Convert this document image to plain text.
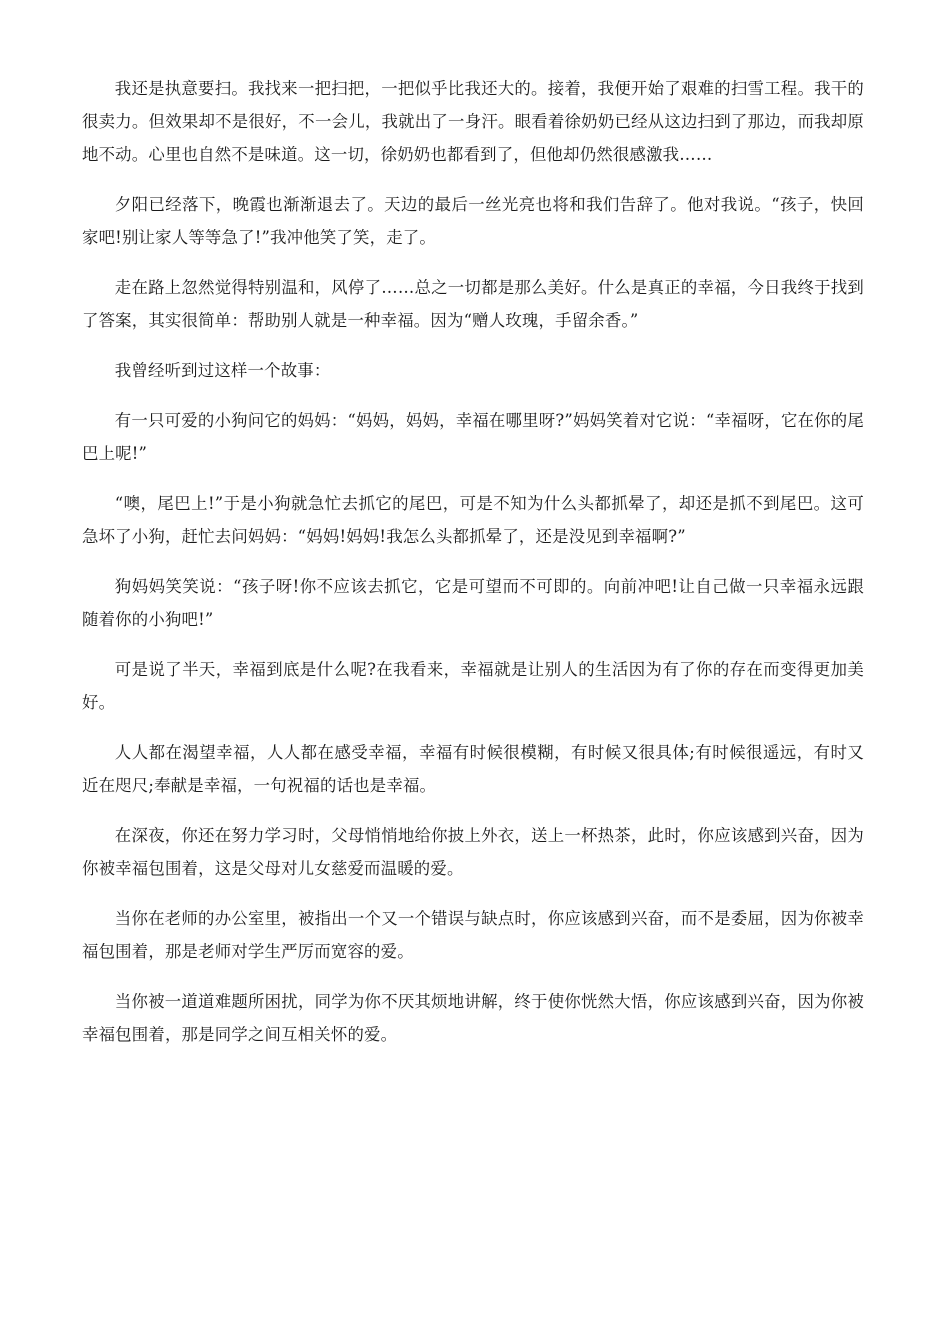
我还是执意要扫。我找来一把扫把，一把似乎比我还大的。接着，我便开始了艰难的扫雪工程。我干的很卖力。但效果却不是很好，不一会儿，我就出了一身汗。眼看着徐奶奶已经从这边扫到了那边，而我却原地不动。心里也自然不是味道。这一切，徐奶奶也都看到了，但他却仍然很感激我……

夕阳已经落下，晚霞也渐渐退去了。天边的最后一丝光亮也将和我们告辞了。他对我说。“孩子，快回家吧!别让家人等等急了!”我冲他笑了笑，走了。

走在路上忽然觉得特别温和，风停了……总之一切都是那么美好。什么是真正的幸福，今日我终于找到了答案，其实很简单：帮助别人就是一种幸福。因为“赠人玫瑰，手留余香。”

我曾经听到过这样一个故事：

有一只可爱的小狗问它的妈妈：“妈妈，妈妈，幸福在哪里呀?”妈妈笑着对它说：“幸福呀，它在你的尾巴上呢!”

“噢，尾巴上!”于是小狗就急忙去抓它的尾巴，可是不知为什么头都抓晕了，却还是抓不到尾巴。这可急坏了小狗，赶忙去问妈妈：“妈妈!妈妈!我怎么头都抓晕了，还是没见到幸福啊?”

狗妈妈笑笑说：“孩子呀!你不应该去抓它，它是可望而不可即的。向前冲吧!让自己做一只幸福永远跟随着你的小狗吧!”

可是说了半天，幸福到底是什么呢?在我看来，幸福就是让别人的生活因为有了你的存在而变得更加美好。

人人都在渴望幸福，人人都在感受幸福，幸福有时候很模糊，有时候又很具体;有时候很遥远，有时又近在咫尺;奉献是幸福，一句祝福的话也是幸福。

在深夜，你还在努力学习时，父母悄悄地给你披上外衣，送上一杯热茶，此时，你应该感到兴奋，因为你被幸福包围着，这是父母对儿女慈爱而温暖的爱。

当你在老师的办公室里，被指出一个又一个错误与缺点时，你应该感到兴奋，而不是委屈，因为你被幸福包围着，那是老师对学生严厉而宽容的爱。

当你被一道道难题所困扰，同学为你不厌其烦地讲解，终于使你恍然大悟，你应该感到兴奋，因为你被幸福包围着，那是同学之间互相关怀的爱。
